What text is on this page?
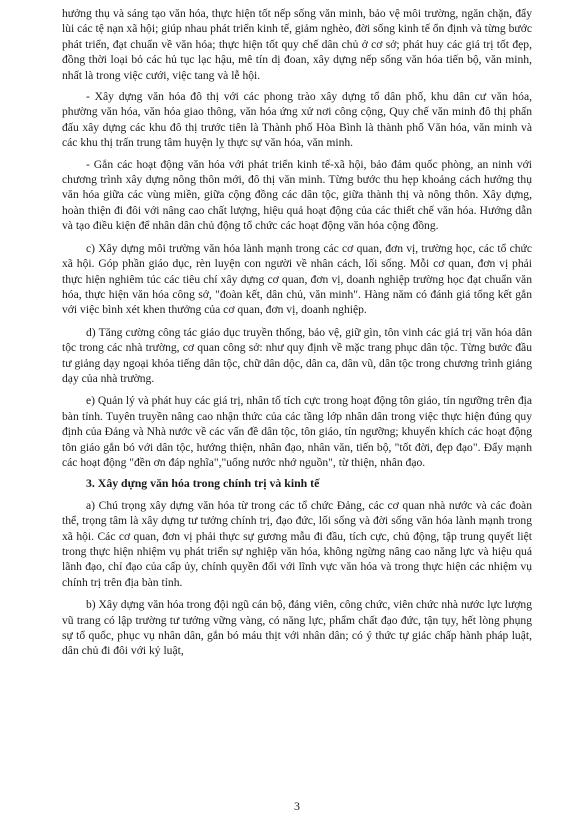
hưởng thụ và sáng tạo văn hóa, thực hiện tốt nếp sống văn minh, bảo vệ môi trường, ngăn chặn, đẩy lùi các tệ nạn xã hội; giúp nhau phát triển kinh tế, giảm nghèo, đời sống kinh tế ổn định và từng bước phát triển, đạt chuẩn về văn hóa; thực hiện tốt quy chế dân chủ ở cơ sở; phát huy các giá trị tốt đẹp, đồng thời loại bỏ các hủ tục lạc hậu, mê tín dị đoan, xây dựng nếp sống văn hóa tiến bộ, văn minh, nhất là trong việc cưới, việc tang và lễ hội.

- Xây dựng văn hóa đô thị với các phong trào xây dựng tổ dân phố, khu dân cư văn hóa, phường văn hóa, văn hóa giao thông, văn hóa ứng xử nơi công cộng, Quy chế văn minh đô thị phấn đấu xây dựng các khu đô thị trước tiên là Thành phố Hòa Bình là thành phố Văn hóa, văn minh và các khu thị trấn trung tâm huyện lỵ thực sự văn hóa, văn minh.

- Gắn các hoạt động văn hóa với phát triển kinh tế-xã hội, bảo đảm quốc phòng, an ninh với chương trình xây dựng nông thôn mới, đô thị văn minh. Từng bước thu hẹp khoảng cách hưởng thụ văn hóa giữa các vùng miền, giữa cộng đồng các dân tộc, giữa thành thị và nông thôn. Xây dựng, hoàn thiện đi đôi với nâng cao chất lượng, hiệu quả hoạt động của các thiết chế văn hóa. Hướng dẫn và tạo điều kiện để nhân dân chủ động tổ chức các hoạt động văn hóa cộng đồng.

c) Xây dựng môi trường văn hóa lành mạnh trong các cơ quan, đơn vị, trường học, các tổ chức xã hội. Góp phần giáo dục, rèn luyện con người về nhân cách, lối sống. Mỗi cơ quan, đơn vị phải thực hiện nghiêm túc các tiêu chí xây dựng cơ quan, đơn vị, doanh nghiệp trường học đạt chuẩn văn hóa, thực hiện văn hóa công sở, "đoàn kết, dân chủ, văn minh". Hàng năm có đánh giá tổng kết gắn với việc bình xét khen thưởng của cơ quan, đơn vị, doanh nghiệp.

d) Tăng cường công tác giáo dục truyền thống, bảo vệ, giữ gìn, tôn vinh các giá trị văn hóa dân tộc trong các nhà trường, cơ quan công sở: như quy định về mặc trang phục dân tộc. Từng bước đầu tư giảng dạy ngoại khóa tiếng dân tộc, chữ dân dộc, dân ca, dân vũ, dân tộc trong chương trình giảng dạy của nhà trường.

e) Quản lý và phát huy các giá trị, nhân tố tích cực trong hoạt động tôn giáo, tín ngưỡng trên địa bàn tỉnh. Tuyên truyền nâng cao nhận thức của các tầng lớp nhân dân trong việc thực hiện đúng quy định của Đảng và Nhà nước về các vấn đề dân tộc, tôn giáo, tín ngưỡng; khuyến khích các hoạt động tôn giáo gắn bó với dân tộc, hướng thiện, nhân đạo, nhân văn, tiến bộ, "tốt đời, đẹp đạo". Đẩy mạnh các hoạt động "đền ơn đáp nghĩa","uống nước nhớ nguồn", từ thiện, nhân đạo.

3. Xây dựng văn hóa trong chính trị và kinh tế

a) Chú trọng xây dựng văn hóa từ trong các tổ chức Đảng, các cơ quan nhà nước và các đoàn thể, trọng tâm là xây dựng tư tưởng chính trị, đạo đức, lối sống và đời sống văn hóa lành mạnh trong xã hội. Các cơ quan, đơn vị phải thực sự gương mẫu đi đầu, tích cực, chủ động, tập trung quyết liệt trong thực hiện nhiệm vụ phát triển sự nghiệp văn hóa, không ngừng nâng cao năng lực và hiệu quả lãnh đạo, chỉ đạo của cấp ủy, chính quyền đối với lĩnh vực văn hóa và trong thực hiện các nhiệm vụ chính trị trên địa bàn tỉnh.

b) Xây dựng văn hóa trong đội ngũ cán bộ, đảng viên, công chức, viên chức nhà nước lực lượng vũ trang có lập trường tư tưởng vững vàng, có năng lực, phẩm chất đạo đức, tận tụy, hết lòng phụng sự tổ quốc, phục vụ nhân dân, gắn bó máu thịt với nhân dân; có ý thức tự giác chấp hành pháp luật, dân chủ đi đôi với kỷ luật,

3
